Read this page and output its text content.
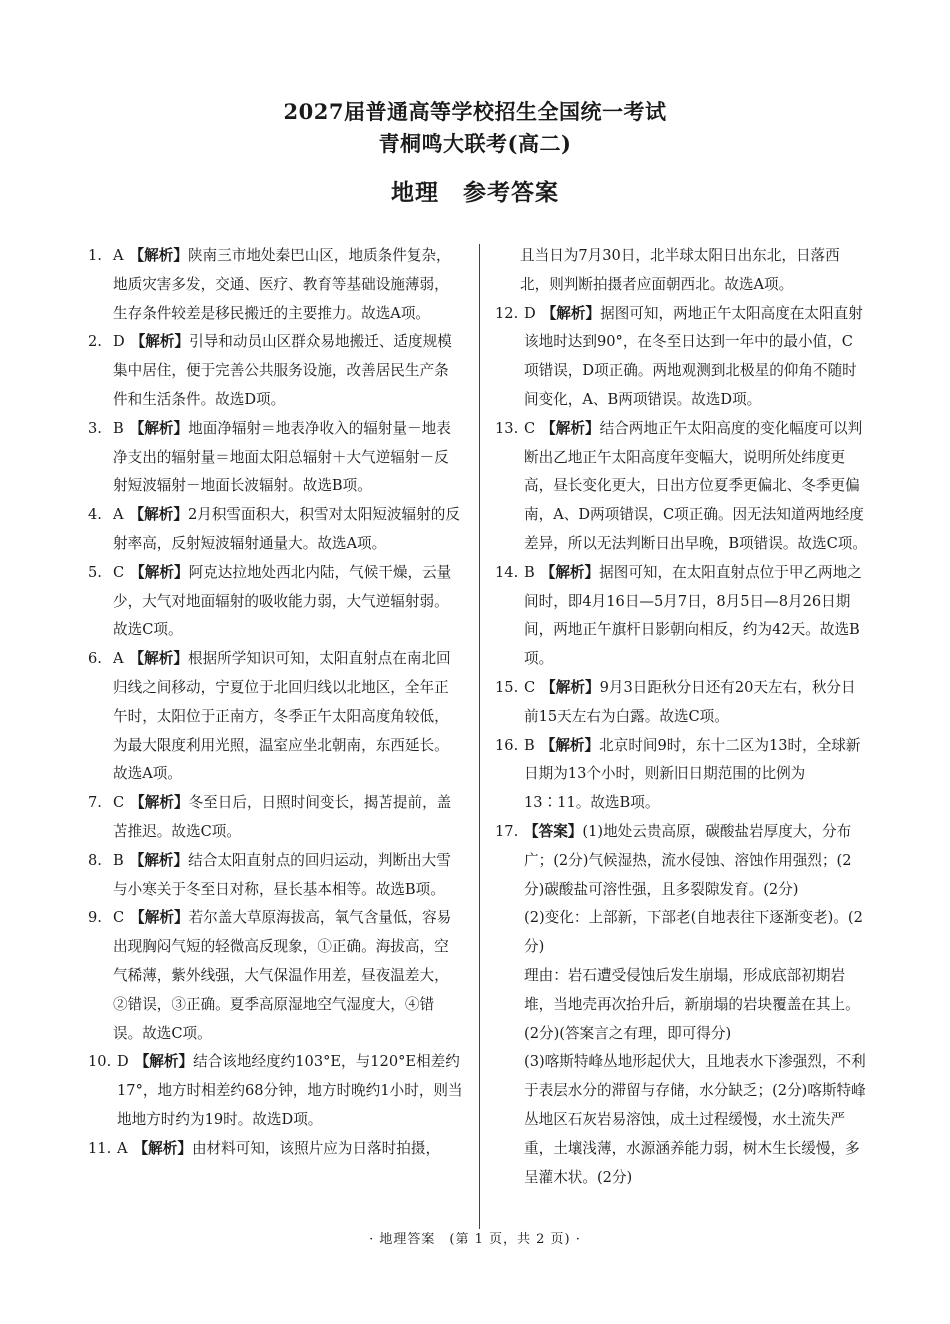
2027届普通高等学校招生全国统一考试
青桐鸣大联考(高二)
地理　参考答案
1. A 【解析】陕南三市地处秦巴山区，地质条件复杂，地质灾害多发，交通、医疗、教育等基础设施薄弱，生存条件较差是移民搬迁的主要推力。故选A项。
2. D 【解析】引导和动员山区群众易地搬迁、适度规模集中居住，便于完善公共服务设施，改善居民生产条件和生活条件。故选D项。
3. B 【解析】地面净辐射＝地表净收入的辐射量－地表净支出的辐射量＝地面太阳总辐射＋大气逆辐射－反射短波辐射－地面长波辐射。故选B项。
4. A 【解析】2月积雪面积大，积雪对太阳短波辐射的反射率高，反射短波辐射通量大。故选A项。
5. C 【解析】阿克达拉地处西北内陆，气候干燥，云量少，大气对地面辐射的吸收能力弱，大气逆辐射弱。故选C项。
6. A 【解析】根据所学知识可知，太阳直射点在南北回归线之间移动，宁夏位于北回归线以北地区，全年正午时，太阳位于正南方，冬季正午太阳高度角较低，为最大限度利用光照，温室应坐北朝南，东西延长。故选A项。
7. C 【解析】冬至日后，日照时间变长，揭苫提前，盖苫推迟。故选C项。
8. B 【解析】结合太阳直射点的回归运动，判断出大雪与小寒关于冬至日对称，昼长基本相等。故选B项。
9. C 【解析】若尔盖大草原海拔高，氧气含量低，容易出现胸闷气短的轻微高反现象，①正确。海拔高，空气稀薄，紫外线强，大气保温作用差，昼夜温差大，②错误，③正确。夏季高原湿地空气湿度大，④错误。故选C项。
10. D 【解析】结合该地经度约103°E，与120°E相差约17°，地方时相差约68分钟，地方时晚约1小时，则当地地方时约为19时。故选D项。
11. A 【解析】由材料可知，该照片应为日落时拍摄，
且当日为7月30日，北半球太阳日出东北，日落西北，则判断拍摄者应面朝西北。故选A项。
12. D 【解析】据图可知，两地正午太阳高度在太阳直射该地时达到90°，在冬至日达到一年中的最小值，C项错误，D项正确。两地观测到北极星的仰角不随时间变化，A、B两项错误。故选D项。
13. C 【解析】结合两地正午太阳高度的变化幅度可以判断出乙地正午太阳高度年变幅大，说明所处纬度更高，昼长变化更大，日出方位夏季更偏北、冬季更偏南，A、D两项错误，C项正确。因无法知道两地经度差异，所以无法判断日出早晚，B项错误。故选C项。
14. B 【解析】据图可知，在太阳直射点位于甲乙两地之间时，即4月16日—5月7日，8月5日—8月26日期间，两地正午旗杆日影朝向相反，约为42天。故选B项。
15. C 【解析】9月3日距秋分日还有20天左右，秋分日前15天左右为白露。故选C项。
16. B 【解析】北京时间9时，东十二区为13时，全球新日期为13个小时，则新旧日期范围的比例为13∶11。故选B项。
17. 【答案】(1)地处云贵高原，碳酸盐岩厚度大，分布广；(2分)气候湿热，流水侵蚀、溶蚀作用强烈；(2分)碳酸盐可溶性强，且多裂隙发育。(2分)
(2)变化：上部新，下部老(自地表往下逐渐变老)。(2分)
理由：岩石遭受侵蚀后发生崩塌，形成底部初期岩堆，当地壳再次抬升后，新崩塌的岩块覆盖在其上。(2分)(答案言之有理，即可得分)
(3)喀斯特峰丛地形起伏大，且地表水下渗强烈，不利于表层水分的滞留与存储，水分缺乏；(2分)喀斯特峰丛地区石灰岩易溶蚀，成土过程缓慢，水土流失严重，土壤浅薄，水源涵养能力弱，树木生长缓慢，多呈灌木状。(2分)
· 地理答案　(第 1 页，共 2 页) ·
